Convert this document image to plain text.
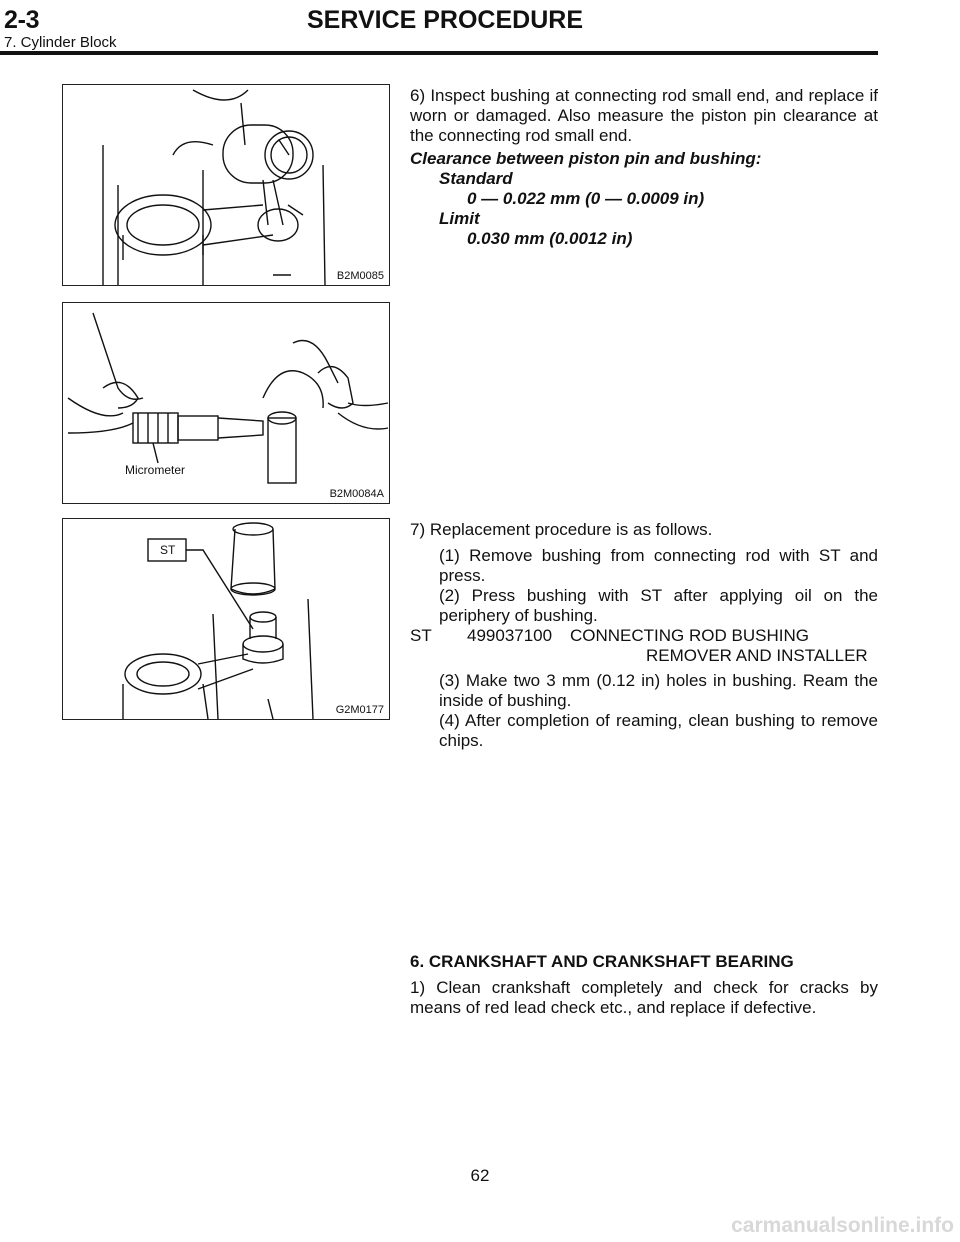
2-3	SERVICE PROCEDURE
7. Cylinder Block
B2M0085
Micrometer
B2M0084A
ST
G2M0177

6) Inspect bushing at connecting rod small end, and replace if worn or damaged. Also measure the piston pin clearance at the connecting rod small end.

Clearance between piston pin and bushing:

Standard

0 — 0.022 mm (0 — 0.0009 in)

Limit

0.030 mm (0.0012 in)

7) Replacement procedure is as follows.

(1) Remove bushing from connecting rod with ST and press.

(2) Press bushing with ST after applying oil on the periphery of bushing.

ST 499037100 CONNECTING ROD BUSHING
REMOVER AND INSTALLER

(3) Make two 3 mm (0.12 in) holes in bushing. Ream the inside of bushing.

(4) After completion of reaming, clean bushing to remove chips.

6. CRANKSHAFT AND CRANKSHAFT BEARING

1) Clean crankshaft completely and check for cracks by means of red lead check etc., and replace if defective.

62
carmanualsonline.info
